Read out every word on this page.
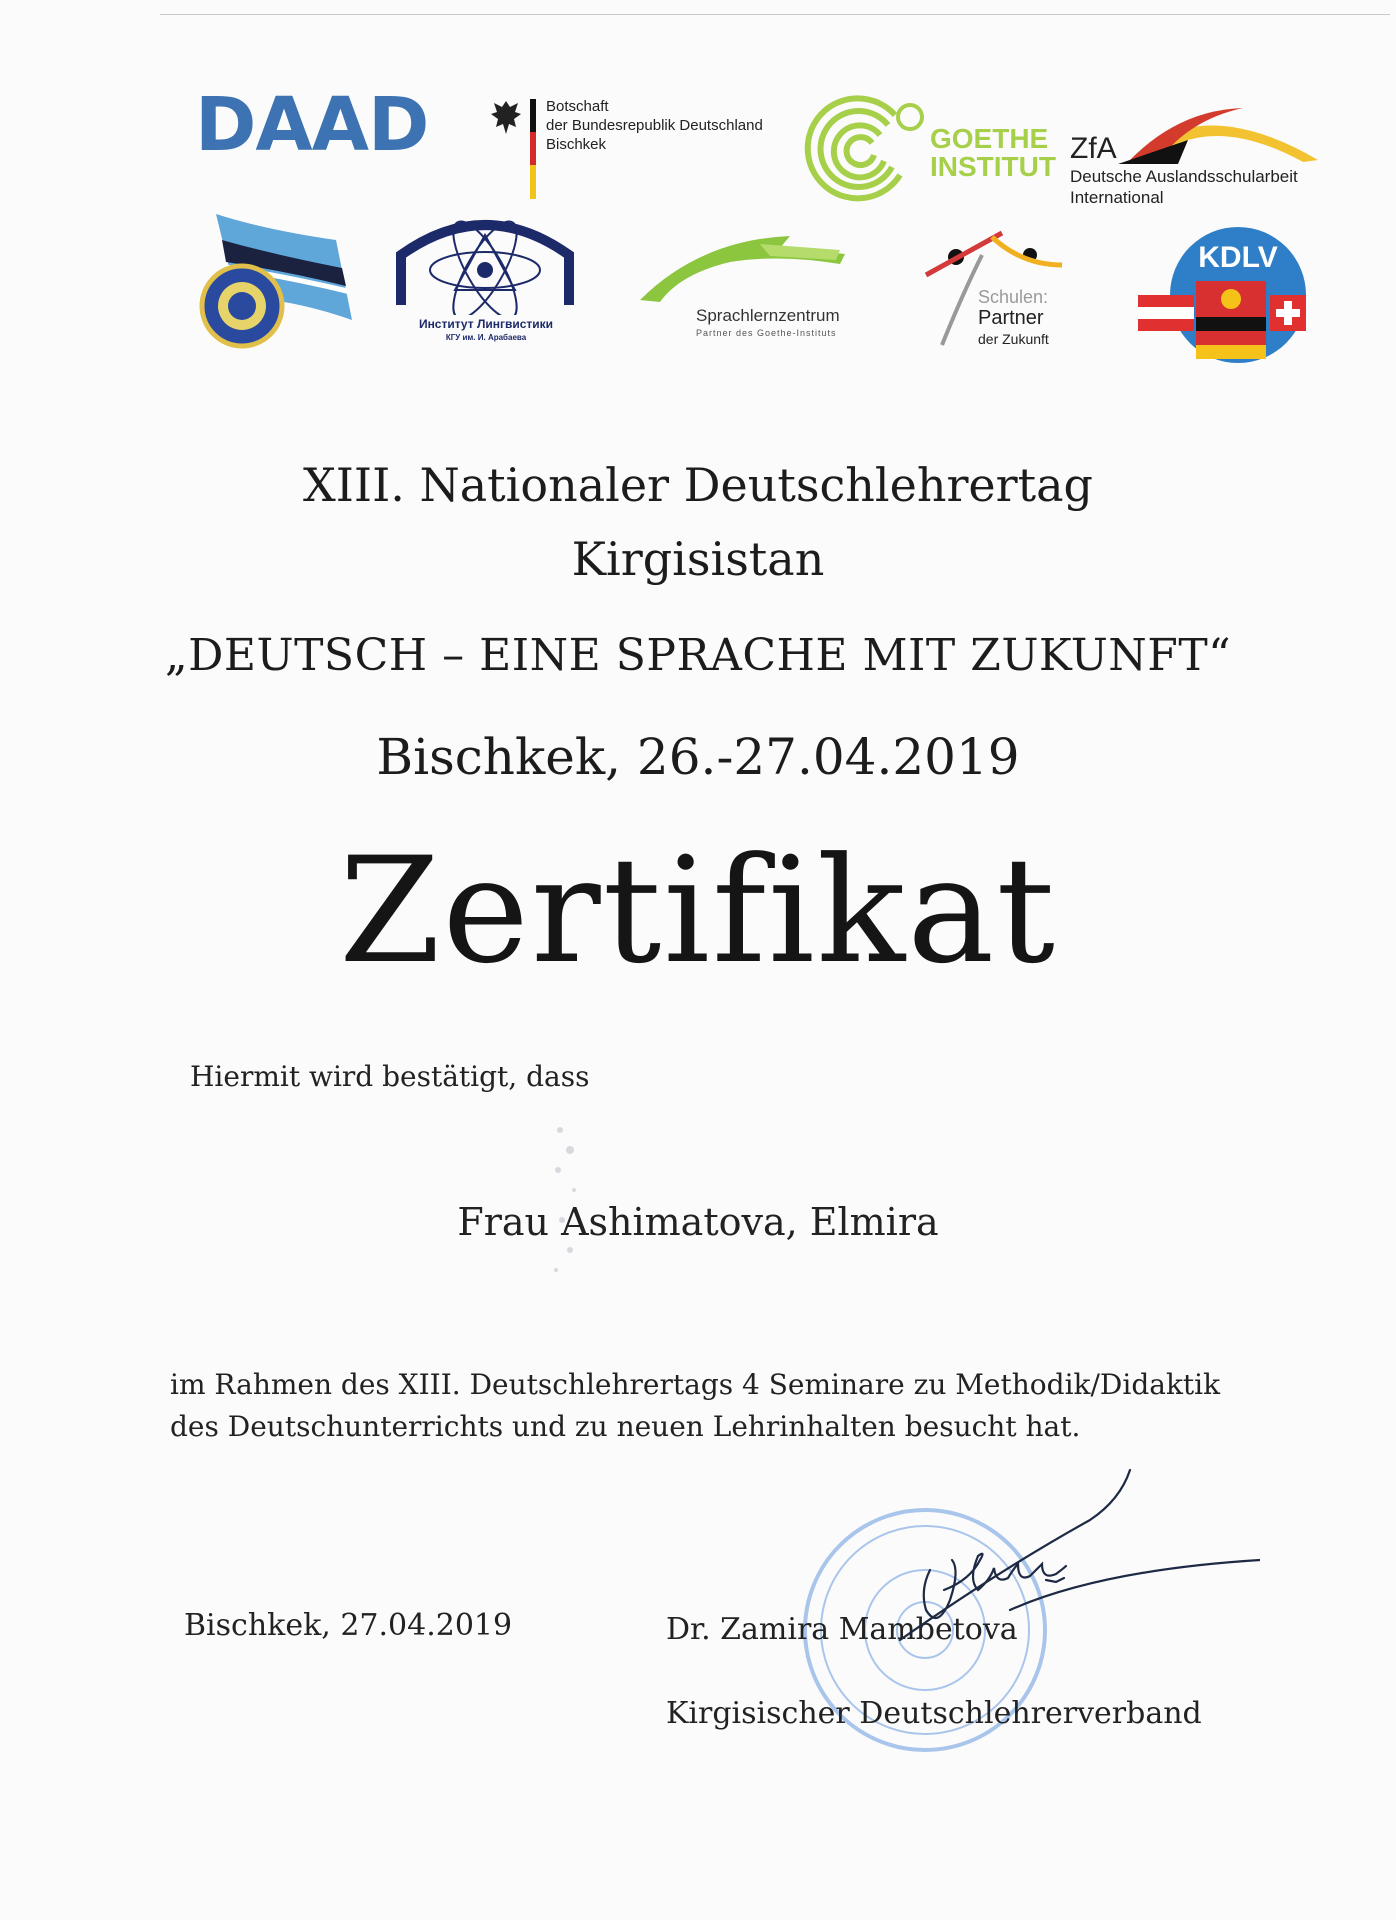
DAAD	Botschaft
der Bundesrepublik Deutschland
Bischkek	GOETHE
INSTITUT
ZfA
Deutsche Auslandsschularbeit
International
Институт Лингвистики
КГУ им. И. Арабаева
Sprachlernzentrum
Partner des Goethe-Instituts
Schulen:
Partner
der Zukunft
KDLV
XIII. Nationaler Deutschlehrertag
Kirgisistan
„DEUTSCH – EINE SPRACHE MIT ZUKUNFT“
Bischkek, 26.-27.04.2019
Zertifikat
Hiermit wird bestätigt, dass
Frau Ashimatova, Elmira
im Rahmen des XIII. Deutschlehrertags 4 Seminare zu Methodik/Didaktik
des Deutschunterrichts und zu neuen Lehrinhalten besucht hat.
Bischkek, 27.04.2019	Dr. Zamira Mambetova
Kirgisischer Deutschlehrerverband
